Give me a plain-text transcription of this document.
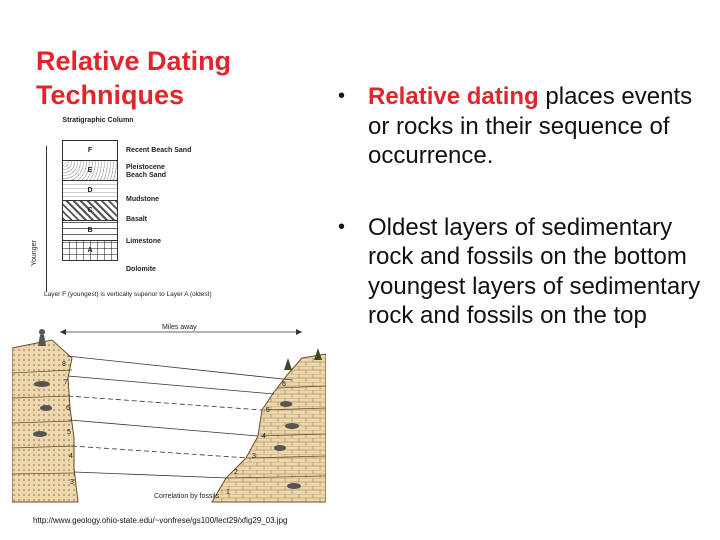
Relative Dating Techniques	• Relative dating places events or rocks in their sequence of occurrence.
• Oldest layers of sedimentary rock and fossils on the bottom youngest layers of sedimentary rock and fossils on the top
Stratigraphic Column
Younger
F
E
D
C
B
A
Recent Beach Sand
Pleistocene Beach Sand
Mudstone
Basalt
Limestone
Dolomite
Layer F (youngest) is vertically superior to Layer A (oldest)
Miles away
8
7
6
5
4
3
6
5
4
3
2
1
Correlation by fossils
http://www.geology.ohio-state.edu/~vonfrese/gs100/lect29/xfig29_03.jpg
